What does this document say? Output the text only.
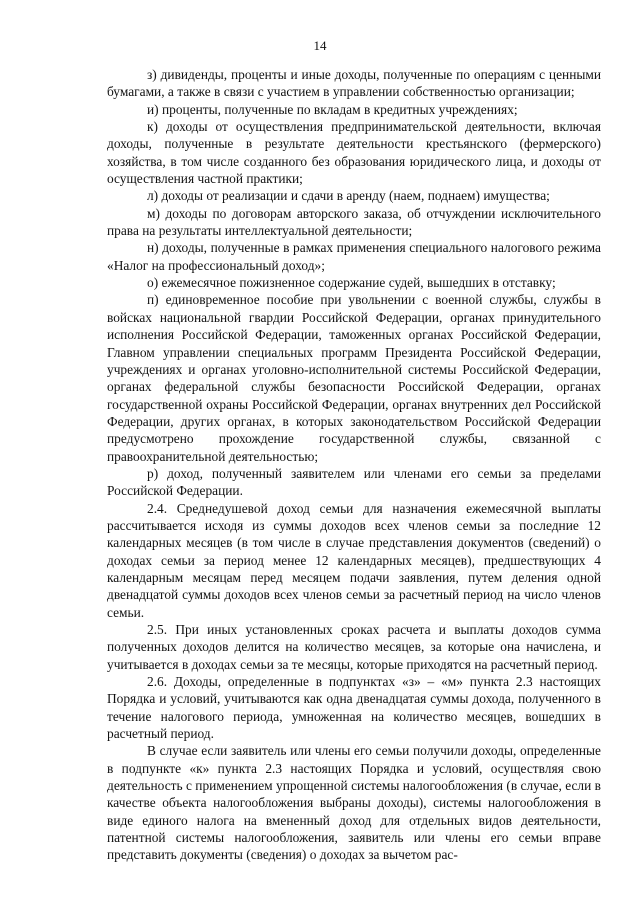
14

з) дивиденды, проценты и иные доходы, полученные по операциям с ценными бумагами, а также в связи с участием в управлении собственностью организации;

и) проценты, полученные по вкладам в кредитных учреждениях;

к) доходы от осуществления предпринимательской деятельности, включая доходы, полученные в результате деятельности крестьянского (фермерского) хозяйства, в том числе созданного без образования юридического лица, и доходы от осуществления частной практики;

л) доходы от реализации и сдачи в аренду (наем, поднаем) имущества;

м) доходы по договорам авторского заказа, об отчуждении исключительного права на результаты интеллектуальной деятельности;

н) доходы, полученные в рамках применения специального налогового режима «Налог на профессиональный доход»;

о) ежемесячное пожизненное содержание судей, вышедших в отставку;

п) единовременное пособие при увольнении с военной службы, службы в войсках национальной гвардии Российской Федерации, органах принудительного исполнения Российской Федерации, таможенных органах Российской Федерации, Главном управлении специальных программ Президента Российской Федерации, учреждениях и органах уголовно-исполнительной системы Российской Федерации, органах федеральной службы безопасности Российской Федерации, органах государственной охраны Российской Федерации, органах внутренних дел Российской Федерации, других органах, в которых законодательством Российской Федерации предусмотрено прохождение государственной службы, связанной с правоохранительной деятельностью;

р) доход, полученный заявителем или членами его семьи за пределами Российской Федерации.

2.4. Среднедушевой доход семьи для назначения ежемесячной выплаты рассчитывается исходя из суммы доходов всех членов семьи за последние 12 календарных месяцев (в том числе в случае представления документов (сведений) о доходах семьи за период менее 12 календарных месяцев), предшествующих 4 календарным месяцам перед месяцем подачи заявления, путем деления одной двенадцатой суммы доходов всех членов семьи за расчетный период на число членов семьи.

2.5. При иных установленных сроках расчета и выплаты доходов сумма полученных доходов делится на количество месяцев, за которые она начислена, и учитывается в доходах семьи за те месяцы, которые приходятся на расчетный период.

2.6. Доходы, определенные в подпунктах «з» – «м» пункта 2.3 настоящих Порядка и условий, учитываются как одна двенадцатая суммы дохода, полученного в течение налогового периода, умноженная на количество месяцев, вошедших в расчетный период.

В случае если заявитель или члены его семьи получили доходы, определенные в подпункте «к» пункта 2.3 настоящих Порядка и условий, осуществляя свою деятельность с применением упрощенной системы налогообложения (в случае, если в качестве объекта налогообложения выбраны доходы), системы налогообложения в виде единого налога на вмененный доход для отдельных видов деятельности, патентной системы налогообложения, заявитель или члены его семьи вправе представить документы (сведения) о доходах за вычетом рас-
